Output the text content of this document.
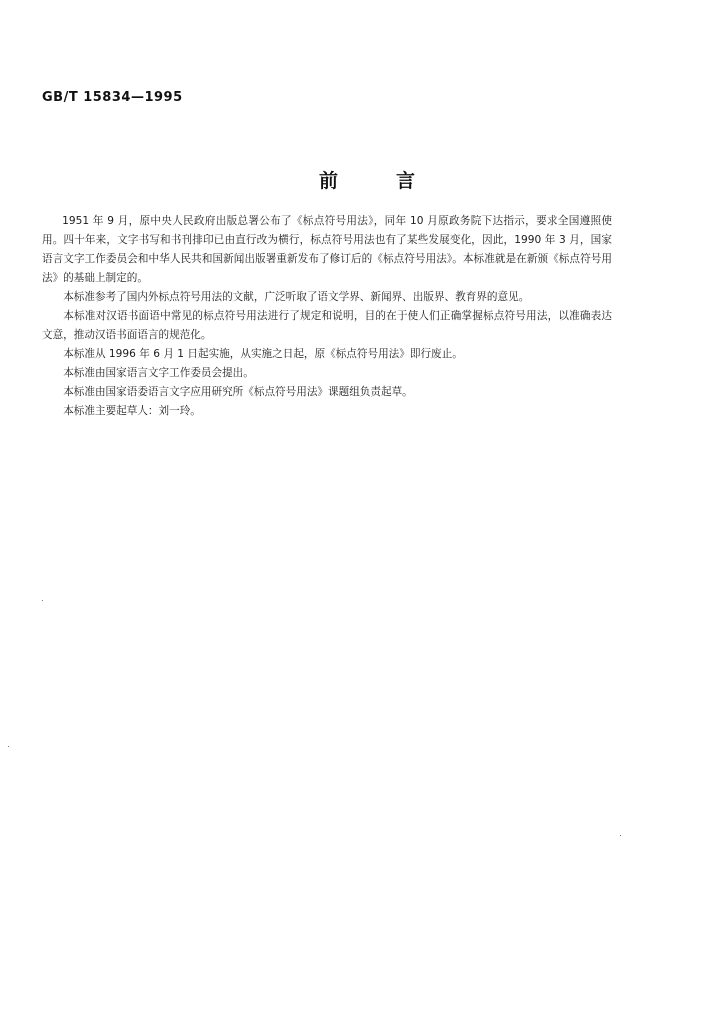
GB/T 15834—1995
前言

1951 年 9 月，原中央人民政府出版总署公布了《标点符号用法》，同年 10 月原政务院下达指示，要求全国遵照使用。四十年来，文字书写和书刊排印已由直行改为横行，标点符号用法也有了某些发展变化，因此，1990 年 3 月，国家语言文字工作委员会和中华人民共和国新闻出版署重新发布了修订后的《标点符号用法》。本标准就是在新颁《标点符号用法》的基础上制定的。

本标准参考了国内外标点符号用法的文献，广泛听取了语文学界、新闻界、出版界、教育界的意见。

本标准对汉语书面语中常见的标点符号用法进行了规定和说明，目的在于使人们正确掌握标点符号用法，以准确表达文意，推动汉语书面语言的规范化。

本标准从 1996 年 6 月 1 日起实施，从实施之日起，原《标点符号用法》即行废止。

本标准由国家语言文字工作委员会提出。

本标准由国家语委语言文字应用研究所《标点符号用法》课题组负责起草。

本标准主要起草人：刘一玲。
